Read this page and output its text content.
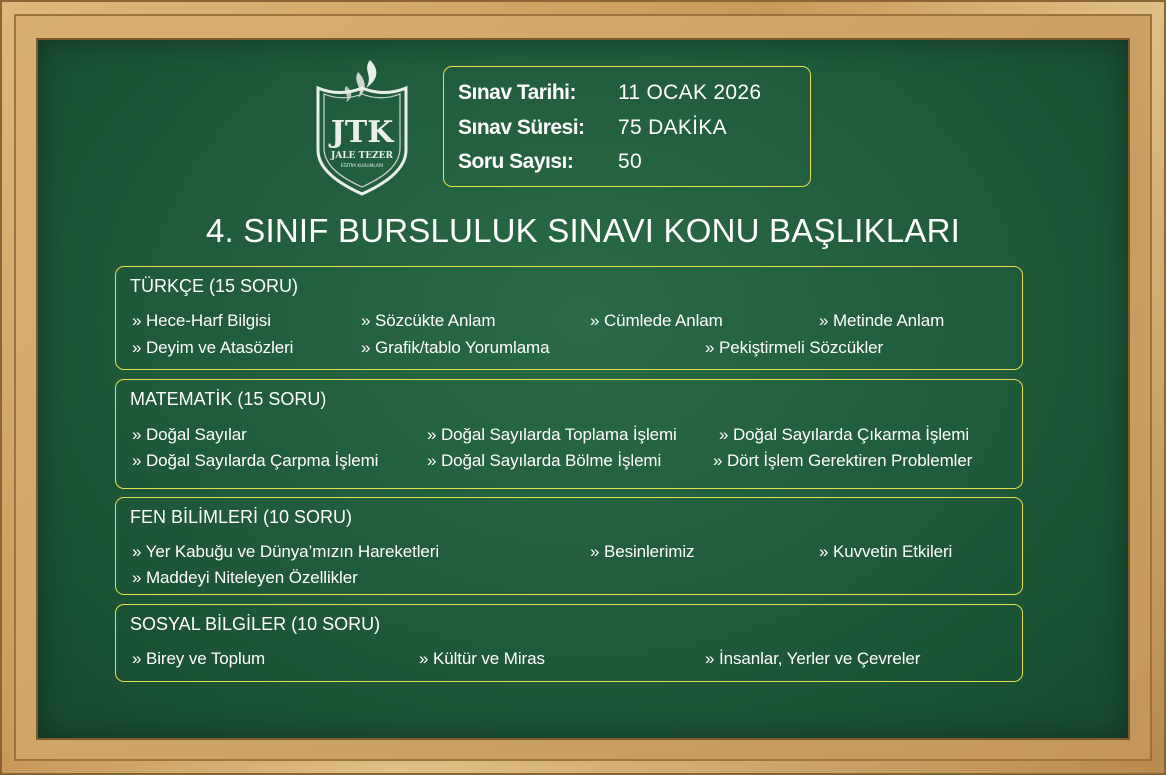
JTK
JALE TEZER
EĞİTİM KURUMLARI
Sınav Tarihi: 11 OCAK 2026
Sınav Süresi: 75 DAKİKA
Soru Sayısı: 50
4. SINIF BURSLULUK SINAVI KONU BAŞLIKLARI
TÜRKÇE (15 SORU)
» Hece-Harf Bilgisi	» Sözcükte Anlam	» Cümlede Anlam	» Metinde Anlam
» Deyim ve Atasözleri	» Grafik/tablo Yorumlama	» Pekiştirmeli Sözcükler
MATEMATİK (15 SORU)
» Doğal Sayılar	» Doğal Sayılarda Toplama İşlemi » Doğal Sayılarda Çıkarma İşlemi
» Doğal Sayılarda Çarpma İşlemi	» Doğal Sayılarda Bölme İşlemi	» Dört İşlem Gerektiren Problemler
FEN BİLİMLERİ (10 SORU)
» Yer Kabuğu ve Dünya’mızın Hareketleri	» Besinlerimiz	» Kuvvetin Etkileri
» Maddeyi Niteleyen Özellikler
SOSYAL BİLGİLER (10 SORU)
» Birey ve Toplum	» Kültür ve Miras	» İnsanlar, Yerler ve Çevreler
